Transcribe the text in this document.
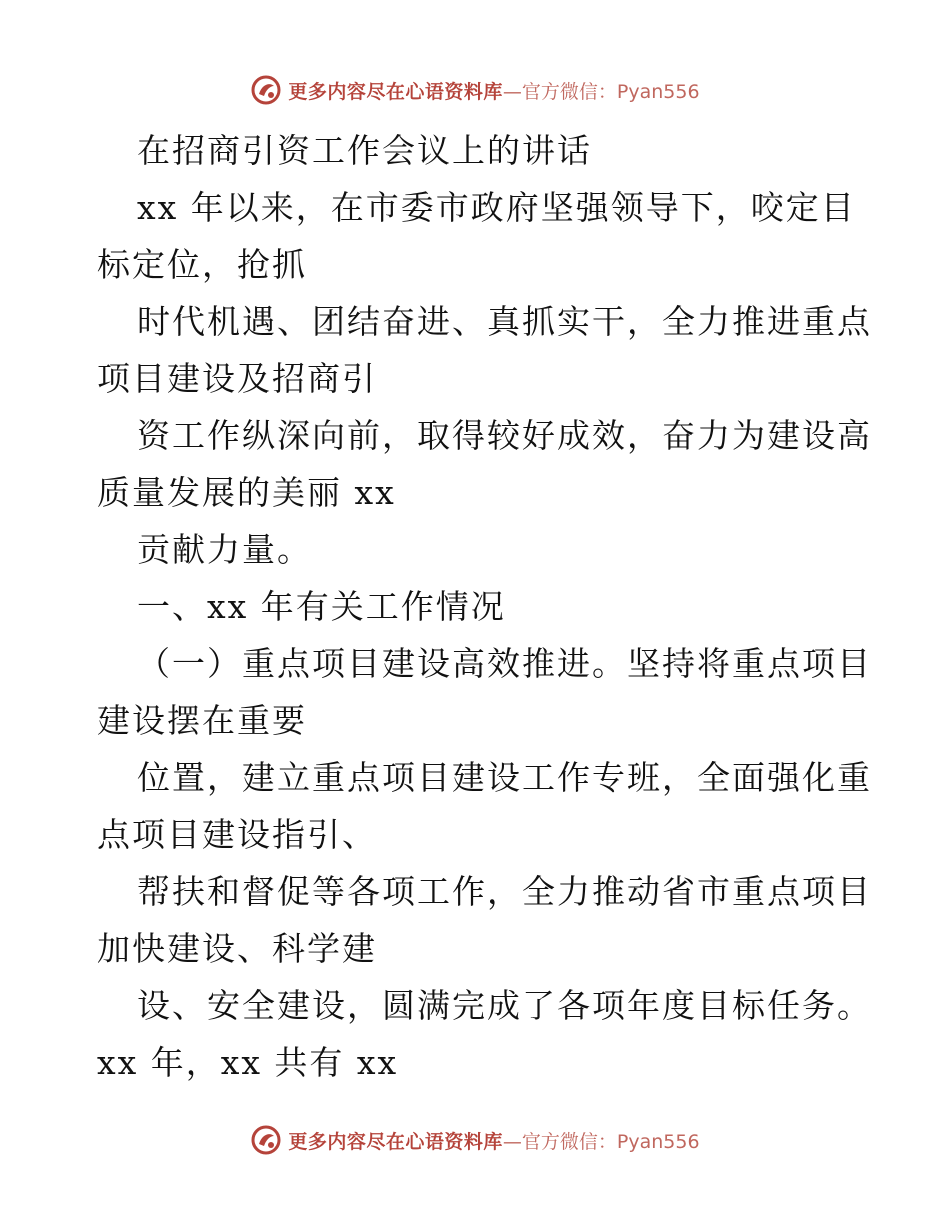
更多内容尽在心语资料库 —官方微信：Pyan556
在招商引资工作会议上的讲话
xx 年以来，在市委市政府坚强领导下，咬定目
标定位，抢抓
时代机遇、团结奋进、真抓实干，全力推进重点
项目建设及招商引
资工作纵深向前，取得较好成效，奋力为建设高
质量发展的美丽 xx
贡献力量。
一、xx 年有关工作情况
（一）重点项目建设高效推进。坚持将重点项目
建设摆在重要
位置，建立重点项目建设工作专班，全面强化重
点项目建设指引、
帮扶和督促等各项工作，全力推动省市重点项目
加快建设、科学建
设、安全建设，圆满完成了各项年度目标任务。
xx 年，xx 共有 xx
更多内容尽在心语资料库 —官方微信：Pyan556
